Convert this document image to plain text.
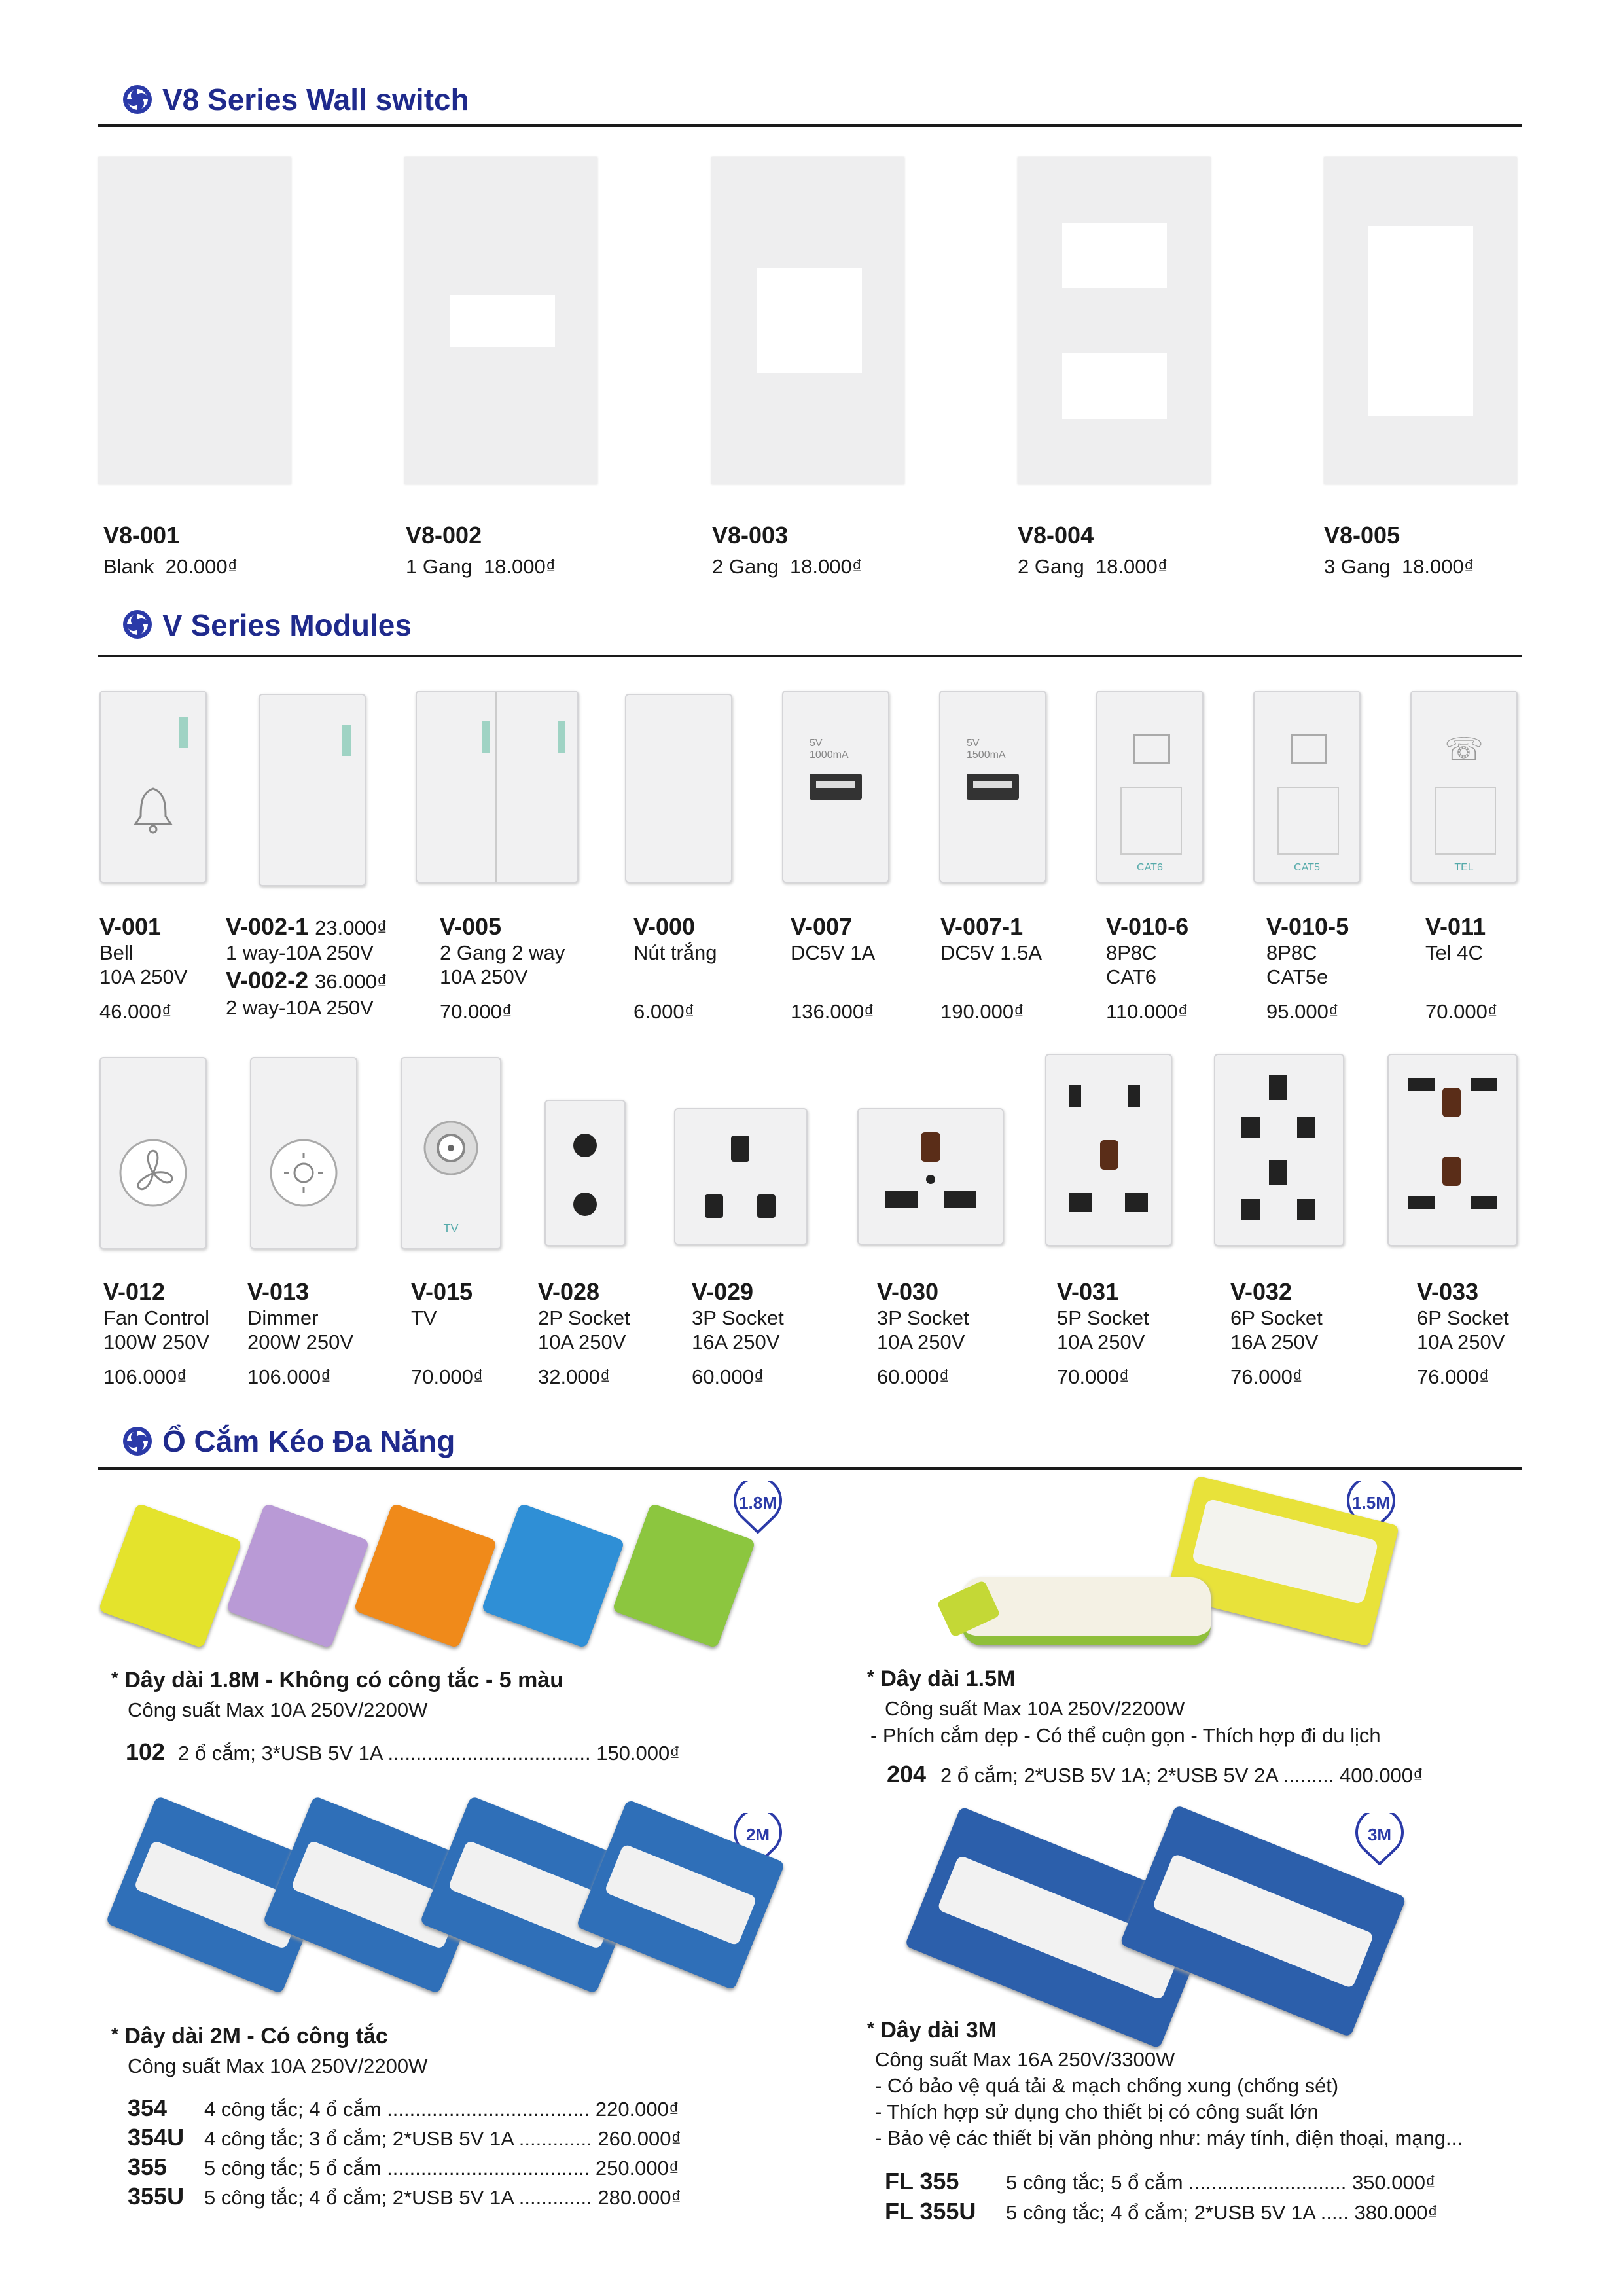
V8 Series Wall switch
V8-001
Blank 20.000₫
V8-002
1 Gang 18.000₫
V8-003
2 Gang 18.000₫
V8-004
2 Gang 18.000₫
V8-005
3 Gang 18.000₫
V Series Modules
5V
1000mA
5V
1500mA
CAT6	CAT5
☏
TEL
V-001
Bell
10A 250V
46.000₫
V-002-1 23.000₫
1 way-10A 250V
V-002-2 36.000₫
2 way-10A 250V
V-005
2 Gang 2 way
10A 250V
70.000₫
V-000
Nút trắng
6.000₫
V-007
DC5V 1A
136.000₫
V-007-1
DC5V 1.5A
190.000₫
V-010-6
8P8C
CAT6
110.000₫
V-010-5
8P8C
CAT5e
95.000₫
V-011
Tel 4C
70.000₫
TV
V-012
Fan Control
100W 250V
106.000₫
V-013
Dimmer
200W 250V
106.000₫
V-015
TV
70.000₫
V-028
2P Socket
10A 250V
32.000₫
V-029
3P Socket
16A 250V
60.000₫
V-030
3P Socket
10A 250V
60.000₫
V-031
5P Socket
10A 250V
70.000₫
V-032
6P Socket
16A 250V
76.000₫
V-033
6P Socket
10A 250V
76.000₫
Ổ Cắm Kéo Đa Năng
1.8M	1.5M
2M	3M
* Dây dài 1.8M - Không có công tắc - 5 màu
Công suất Max 10A 250V/2200W
102 2 ổ cắm; 3*USB 5V 1A .................................... 150.000₫
* Dây dài 1.5M
Công suất Max 10A 250V/2200W
- Phích cắm dẹp - Có thể cuộn gọn - Thích hợp đi du lịch
204 2 ổ cắm; 2*USB 5V 1A; 2*USB 5V 2A ......... 400.000₫
* Dây dài 2M - Có công tắc
Công suất Max 10A 250V/2200W
354 4 công tắc; 4 ổ cắm .................................... 220.000₫
354U 4 công tắc; 3 ổ cắm; 2*USB 5V 1A ............. 260.000₫
355 5 công tắc; 5 ổ cắm .................................... 250.000₫
355U 5 công tắc; 4 ổ cắm; 2*USB 5V 1A ............. 280.000₫
* Dây dài 3M
Công suất Max 16A 250V/3300W
- Có bảo vệ quá tải & mạch chống xung (chống sét)
- Thích hợp sử dụng cho thiết bị có công suất lớn
- Bảo vệ các thiết bị văn phòng như: máy tính, điện thoại, mạng...
FL 355 5 công tắc; 5 ổ cắm ............................ 350.000₫
FL 355U 5 công tắc; 4 ổ cắm; 2*USB 5V 1A ..... 380.000₫
